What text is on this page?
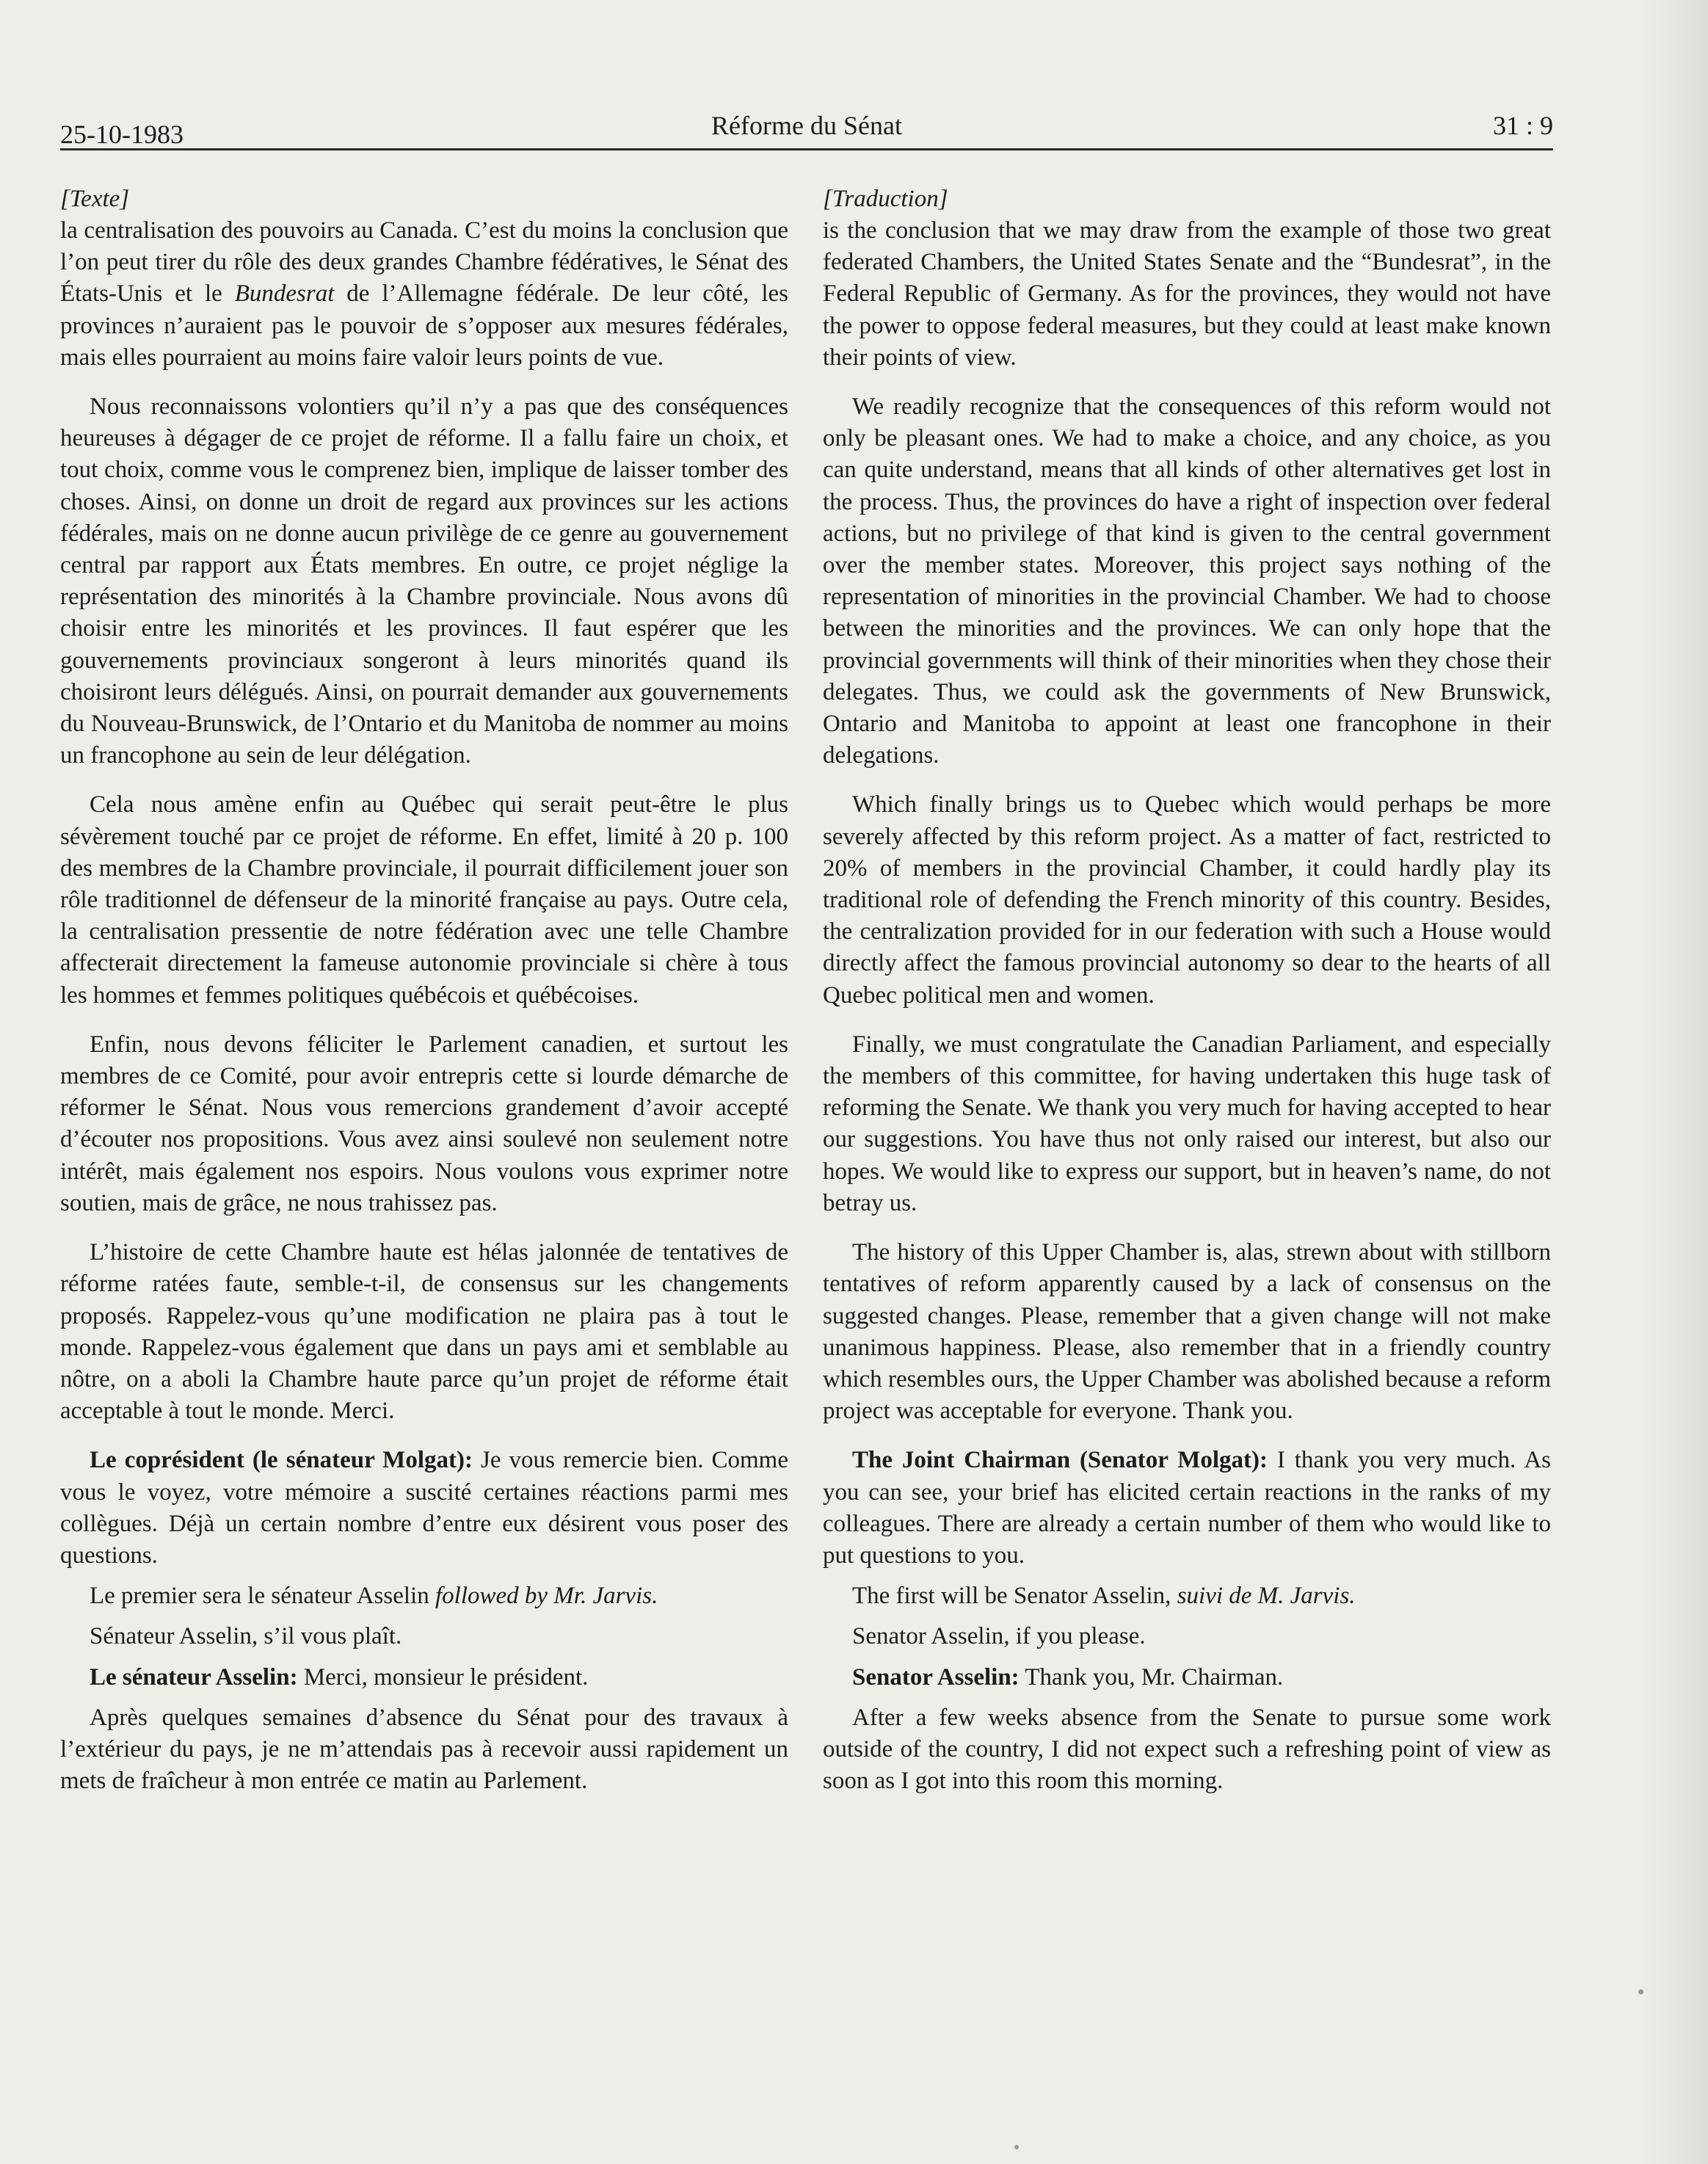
25-10-1983	Réforme du Sénat	31 : 9
[Texte]

la centralisation des pouvoirs au Canada. C’est du moins la conclusion que l’on peut tirer du rôle des deux grandes Chambre fédératives, le Sénat des États-Unis et le Bundesrat de l’Allemagne fédérale. De leur côté, les provinces n’auraient pas le pouvoir de s’opposer aux mesures fédérales, mais elles pourraient au moins faire valoir leurs points de vue.

Nous reconnaissons volontiers qu’il n’y a pas que des conséquences heureuses à dégager de ce projet de réforme. Il a fallu faire un choix, et tout choix, comme vous le comprenez bien, implique de laisser tomber des choses. Ainsi, on donne un droit de regard aux provinces sur les actions fédérales, mais on ne donne aucun privilège de ce genre au gouvernement central par rapport aux États membres. En outre, ce projet néglige la représentation des minorités à la Chambre provinciale. Nous avons dû choisir entre les minorités et les provinces. Il faut espérer que les gouvernements provinciaux songeront à leurs minorités quand ils choisiront leurs délégués. Ainsi, on pourrait demander aux gouvernements du Nouveau-Brunswick, de l’Ontario et du Manitoba de nommer au moins un francophone au sein de leur délégation.

Cela nous amène enfin au Québec qui serait peut-être le plus sévèrement touché par ce projet de réforme. En effet, limité à 20 p. 100 des membres de la Chambre provinciale, il pourrait difficilement jouer son rôle traditionnel de défenseur de la minorité française au pays. Outre cela, la centralisation pressentie de notre fédération avec une telle Chambre affecterait directement la fameuse autonomie provinciale si chère à tous les hommes et femmes politiques québécois et québécoises.

Enfin, nous devons féliciter le Parlement canadien, et surtout les membres de ce Comité, pour avoir entrepris cette si lourde démarche de réformer le Sénat. Nous vous remercions grandement d’avoir accepté d’écouter nos propositions. Vous avez ainsi soulevé non seulement notre intérêt, mais également nos espoirs. Nous voulons vous exprimer notre soutien, mais de grâce, ne nous trahissez pas.

L’histoire de cette Chambre haute est hélas jalonnée de tentatives de réforme ratées faute, semble-t-il, de consensus sur les changements proposés. Rappelez-vous qu’une modification ne plaira pas à tout le monde. Rappelez-vous également que dans un pays ami et semblable au nôtre, on a aboli la Chambre haute parce qu’un projet de réforme était acceptable à tout le monde. Merci.

Le coprésident (le sénateur Molgat): Je vous remercie bien. Comme vous le voyez, votre mémoire a suscité certaines réactions parmi mes collègues. Déjà un certain nombre d’entre eux désirent vous poser des questions.

Le premier sera le sénateur Asselin followed by Mr. Jarvis.

Sénateur Asselin, s’il vous plaît.

Le sénateur Asselin: Merci, monsieur le président.

Après quelques semaines d’absence du Sénat pour des travaux à l’extérieur du pays, je ne m’attendais pas à recevoir aussi rapidement un mets de fraîcheur à mon entrée ce matin au Parlement.

[Traduction]

is the conclusion that we may draw from the example of those two great federated Chambers, the United States Senate and the “Bundesrat”, in the Federal Republic of Germany. As for the provinces, they would not have the power to oppose federal measures, but they could at least make known their points of view.

We readily recognize that the consequences of this reform would not only be pleasant ones. We had to make a choice, and any choice, as you can quite understand, means that all kinds of other alternatives get lost in the process. Thus, the provinces do have a right of inspection over federal actions, but no privilege of that kind is given to the central government over the member states. Moreover, this project says nothing of the representation of minorities in the provincial Chamber. We had to choose between the minorities and the provinces. We can only hope that the provincial governments will think of their minorities when they chose their delegates. Thus, we could ask the governments of New Brunswick, Ontario and Manitoba to appoint at least one francophone in their delegations.

Which finally brings us to Quebec which would perhaps be more severely affected by this reform project. As a matter of fact, restricted to 20% of members in the provincial Chamber, it could hardly play its traditional role of defending the French minority of this country. Besides, the centralization provided for in our federation with such a House would directly affect the famous provincial autonomy so dear to the hearts of all Quebec political men and women.

Finally, we must congratulate the Canadian Parliament, and especially the members of this committee, for having undertaken this huge task of reforming the Senate. We thank you very much for having accepted to hear our suggestions. You have thus not only raised our interest, but also our hopes. We would like to express our support, but in heaven’s name, do not betray us.

The history of this Upper Chamber is, alas, strewn about with stillborn tentatives of reform apparently caused by a lack of consensus on the suggested changes. Please, remember that a given change will not make unanimous happiness. Please, also remember that in a friendly country which resembles ours, the Upper Chamber was abolished because a reform project was acceptable for everyone. Thank you.

The Joint Chairman (Senator Molgat): I thank you very much. As you can see, your brief has elicited certain reactions in the ranks of my colleagues. There are already a certain number of them who would like to put questions to you.

The first will be Senator Asselin, suivi de M. Jarvis.

Senator Asselin, if you please.

Senator Asselin: Thank you, Mr. Chairman.

After a few weeks absence from the Senate to pursue some work outside of the country, I did not expect such a refreshing point of view as soon as I got into this room this morning.
